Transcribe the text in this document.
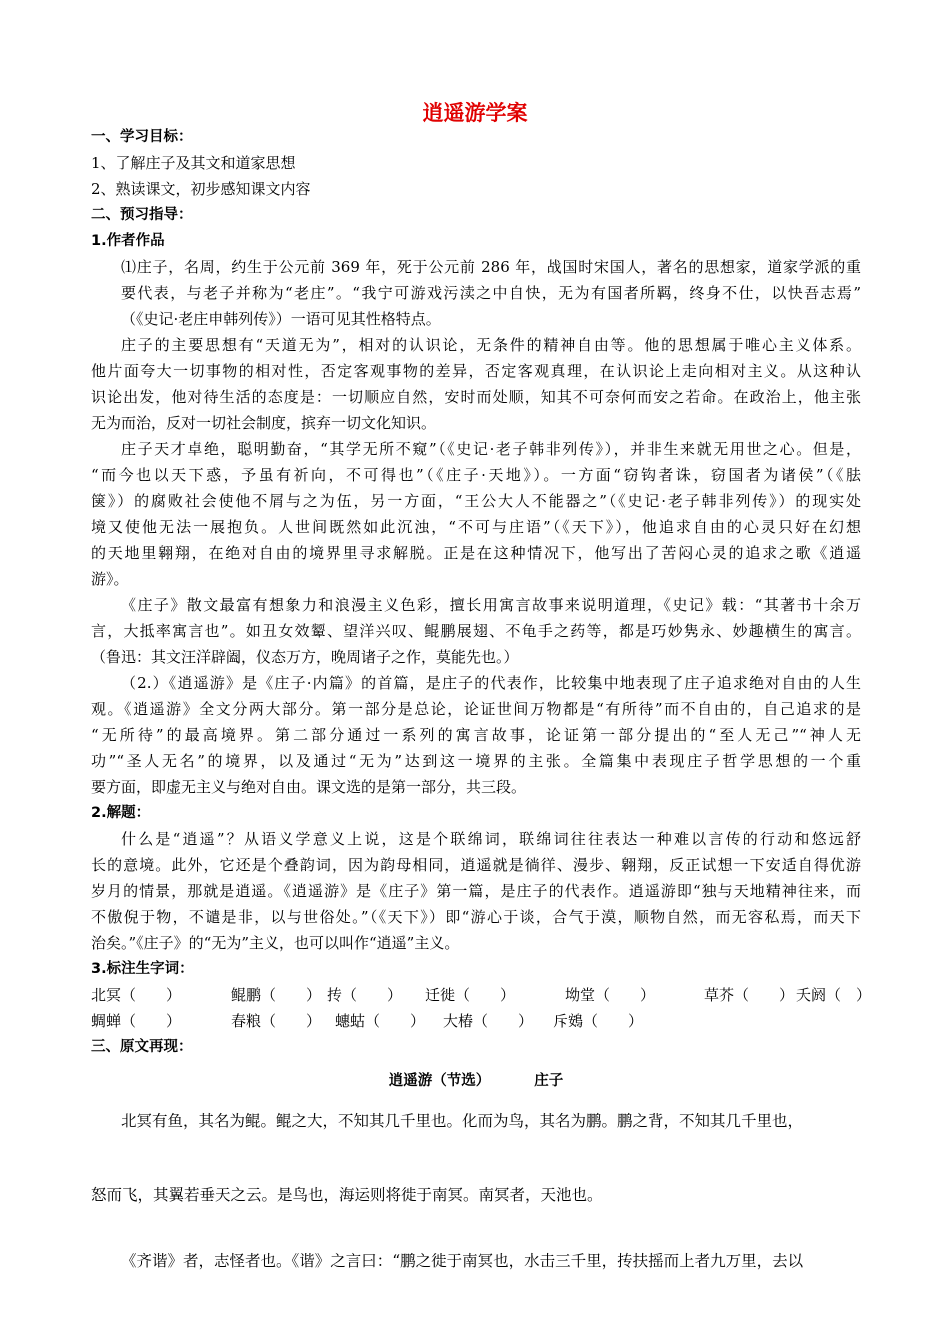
逍遥游学案
一、学习目标：
1、了解庄子及其文和道家思想
2、熟读课文，初步感知课文内容
二、预习指导：
1.作者作品
⑴庄子，名周，约生于公元前 369 年，死于公元前 286 年，战国时宋国人，著名的思想家，道家学派的重
要代表，与老子并称为“老庄”。“我宁可游戏污渎之中自快，无为有国者所羁，终身不仕，以快吾志焉”
（《史记·老庄申韩列传》）一语可见其性格特点。
庄子的主要思想有“天道无为”，相对的认识论，无条件的精神自由等。他的思想属于唯心主义体系。
他片面夸大一切事物的相对性，否定客观事物的差异，否定客观真理，在认识论上走向相对主义。从这种认
识论出发，他对待生活的态度是：一切顺应自然，安时而处顺，知其不可奈何而安之若命。在政治上，他主张
无为而治，反对一切社会制度，摈弃一切文化知识。
庄子天才卓绝，聪明勤奋，“其学无所不窥”（《史记·老子韩非列传》），并非生来就无用世之心。但是，
“而今也以天下惑，予虽有祈向，不可得也”（《庄子·天地》）。一方面“窃钩者诛，窃国者为诸侯”（《胠
箧》）的腐败社会使他不屑与之为伍，另一方面，“王公大人不能器之”（《史记·老子韩非列传》）的现实处
境又使他无法一展抱负。人世间既然如此沉浊，“不可与庄语”（《天下》），他追求自由的心灵只好在幻想
的天地里翱翔，在绝对自由的境界里寻求解脱。正是在这种情况下，他写出了苦闷心灵的追求之歌《逍遥
游》。
《庄子》散文最富有想象力和浪漫主义色彩，擅长用寓言故事来说明道理，《史记》载：“其著书十余万
言，大抵率寓言也”。如丑女效颦、望洋兴叹、鲲鹏展翅、不龟手之药等，都是巧妙隽永、妙趣横生的寓言。
（鲁迅：其文汪洋辟阖，仪态万方，晚周诸子之作，莫能先也。）
（2.）《逍遥游》是《庄子·内篇》的首篇，是庄子的代表作，比较集中地表现了庄子追求绝对自由的人生
观。《逍遥游》全文分两大部分。第一部分是总论，论证世间万物都是“有所待”而不自由的，自己追求的是
“无所待”的最高境界。第二部分通过一系列的寓言故事，论证第一部分提出的“至人无己”“神人无
功”“圣人无名”的境界，以及通过“无为”达到这一境界的主张。全篇集中表现庄子哲学思想的一个重
要方面，即虚无主义与绝对自由。课文选的是第一部分，共三段。
2.解题：
什么是“逍遥”？从语义学意义上说，这是个联绵词，联绵词往往表达一种难以言传的行动和悠远舒
长的意境。此外，它还是个叠韵词，因为韵母相同，逍遥就是徜徉、漫步、翱翔，反正试想一下安适自得优游
岁月的情景，那就是逍遥。《逍遥游》是《庄子》第一篇，是庄子的代表作。逍遥游即“独与天地精神往来，而
不傲倪于物，不谴是非，以与世俗处。”（《天下》）即“游心于谈，合气于漠，顺物自然，而无容私焉，而天下
治矣。”《庄子》的“无为”主义，也可以叫作“逍遥”主义。
3.标注生字词：
北冥（　　）	鲲鹏（　　） 抟（　　） 迁徙（　　）	坳堂（　　）	草芥（　　） 夭阏（　）
蜩蝉（　　）	春粮（　　） 蟪蛄（　　） 大椿（　　） 斥鴳（　　）
三、原文再现：
逍遥游（节选）	庄子
北冥有鱼，其名为鲲。鲲之大，不知其几千里也。化而为鸟，其名为鹏。鹏之背，不知其几千里也，
怒而飞，其翼若垂天之云。是鸟也，海运则将徙于南冥。南冥者，天池也。
《齐谐》者，志怪者也。《谐》之言曰：“鹏之徙于南冥也，水击三千里，抟扶摇而上者九万里，去以
